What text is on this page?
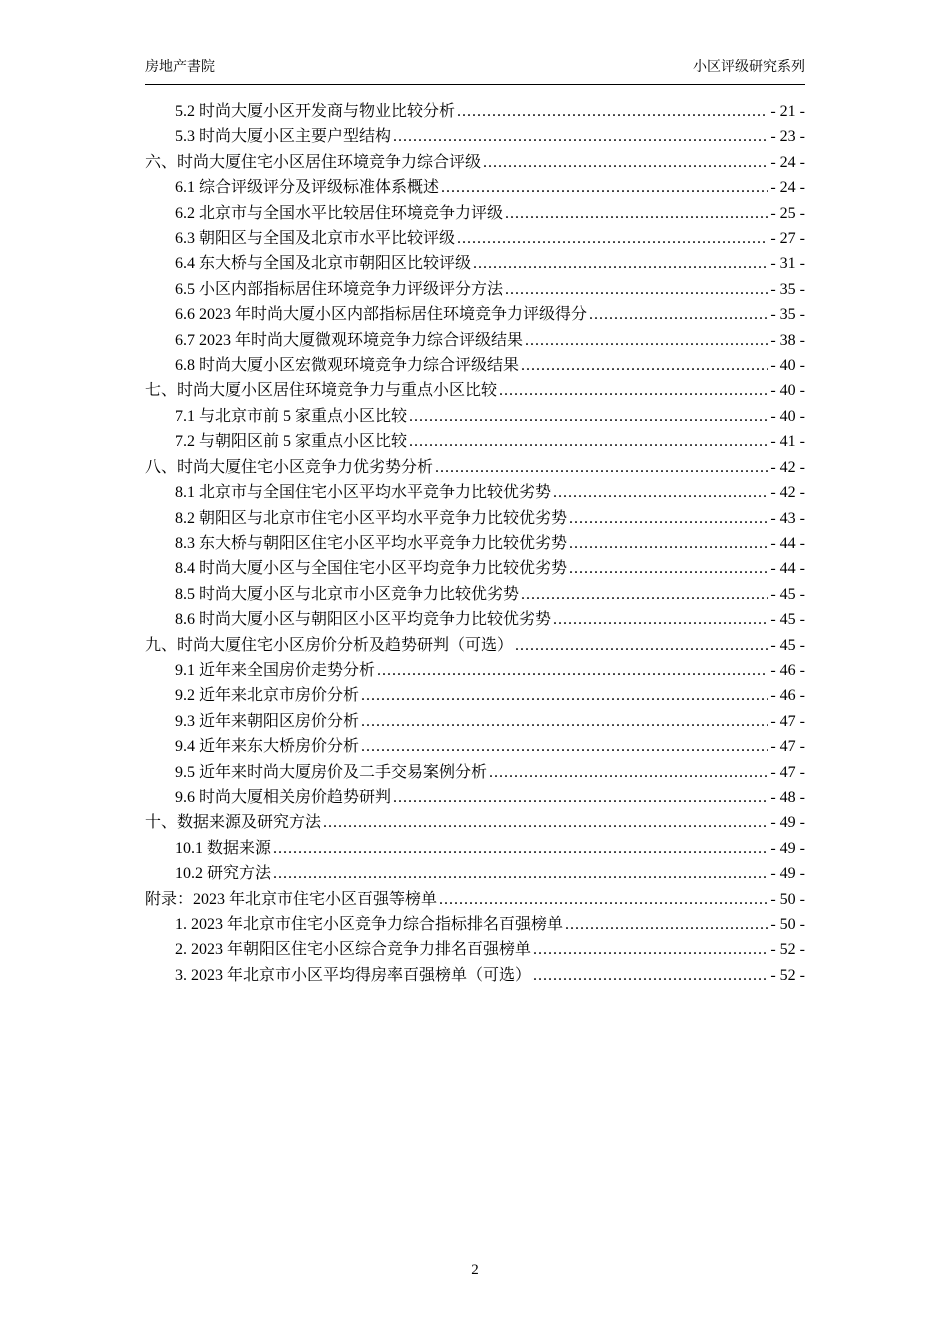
房地产書院	小区评级研究系列
5.2 时尚大厦小区开发商与物业比较分析 .....	- 21 -
5.3 时尚大厦小区主要户型结构 .....	- 23 -
六、时尚大厦住宅小区居住环境竞争力综合评级 .....	- 24 -
6.1 综合评级评分及评级标准体系概述 .....	- 24 -
6.2 北京市与全国水平比较居住环境竞争力评级 .....	- 25 -
6.3 朝阳区与全国及北京市水平比较评级 .....	- 27 -
6.4 东大桥与全国及北京市朝阳区比较评级 .....	- 31 -
6.5 小区内部指标居住环境竞争力评级评分方法 .....	- 35 -
6.6 2023 年时尚大厦小区内部指标居住环境竞争力评级得分 .....	- 35 -
6.7 2023 年时尚大厦微观环境竞争力综合评级结果 .....	- 38 -
6.8 时尚大厦小区宏微观环境竞争力综合评级结果 .....	- 40 -
七、时尚大厦小区居住环境竞争力与重点小区比较 .....	- 40 -
7.1 与北京市前 5 家重点小区比较 .....	- 40 -
7.2 与朝阳区前 5 家重点小区比较 .....	- 41 -
八、时尚大厦住宅小区竞争力优劣势分析 .....	- 42 -
8.1 北京市与全国住宅小区平均水平竞争力比较优劣势 .....	- 42 -
8.2 朝阳区与北京市住宅小区平均水平竞争力比较优劣势 .....	- 43 -
8.3 东大桥与朝阳区住宅小区平均水平竞争力比较优劣势 .....	- 44 -
8.4 时尚大厦小区与全国住宅小区平均竞争力比较优劣势 .....	- 44 -
8.5 时尚大厦小区与北京市小区竞争力比较优劣势 .....	- 45 -
8.6 时尚大厦小区与朝阳区小区平均竞争力比较优劣势 .....	- 45 -
九、时尚大厦住宅小区房价分析及趋势研判（可选） .....	- 45 -
9.1 近年来全国房价走势分析 .....	- 46 -
9.2 近年来北京市房价分析 .....	- 46 -
9.3 近年来朝阳区房价分析 .....	- 47 -
9.4 近年来东大桥房价分析 .....	- 47 -
9.5 近年来时尚大厦房价及二手交易案例分析 .....	- 47 -
9.6 时尚大厦相关房价趋势研判 .....	- 48 -
十、数据来源及研究方法 .....	- 49 -
10.1 数据来源 .....	- 49 -
10.2 研究方法 .....	- 49 -
附录：2023 年北京市住宅小区百强等榜单 .....	- 50 -
1. 2023 年北京市住宅小区竞争力综合指标排名百强榜单 .....	- 50 -
2. 2023 年朝阳区住宅小区综合竞争力排名百强榜单 .....	- 52 -
3. 2023 年北京市小区平均得房率百强榜单（可选） .....	- 52 -
2
